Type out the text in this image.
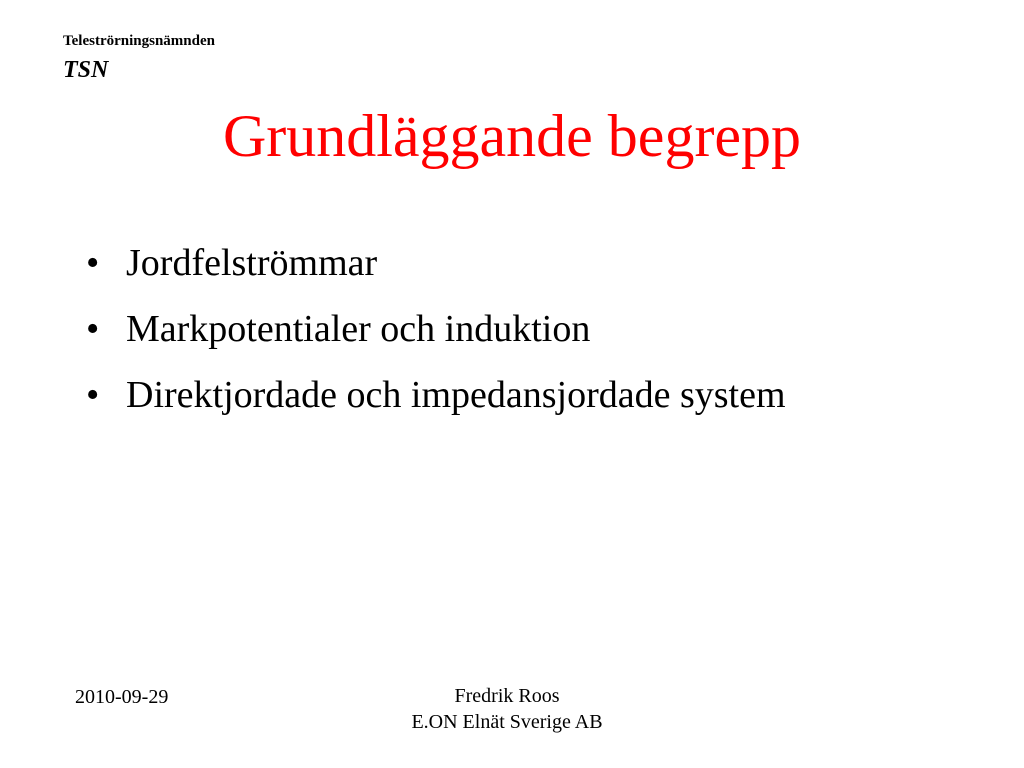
Teleströrningsnämnden
TSN
Grundläggande begrepp
• Jordfelströmmar
• Markpotentialer och induktion
• Direktjordade och impedansjordade system
2010-09-29	Fredrik Roos
E.ON Elnät Sverige AB
